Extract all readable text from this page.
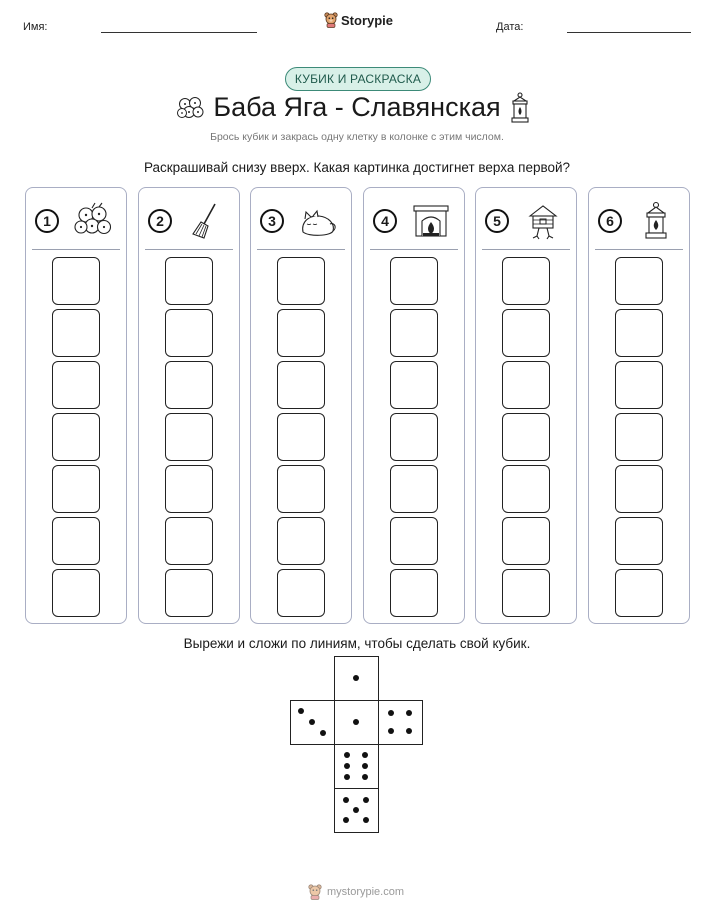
Имя:	Storypie	Дата:
КУБИК И РАСКРАСКА
Баба Яга - Славянская
Брось кубик и закрась одну клетку в колонке с этим числом.
Раскрашивай снизу вверх. Какая картинка достигнет верха первой?
1	2	3	4	5	6
Вырежи и сложи по линиям, чтобы сделать свой кубик.
mystorypie.com
